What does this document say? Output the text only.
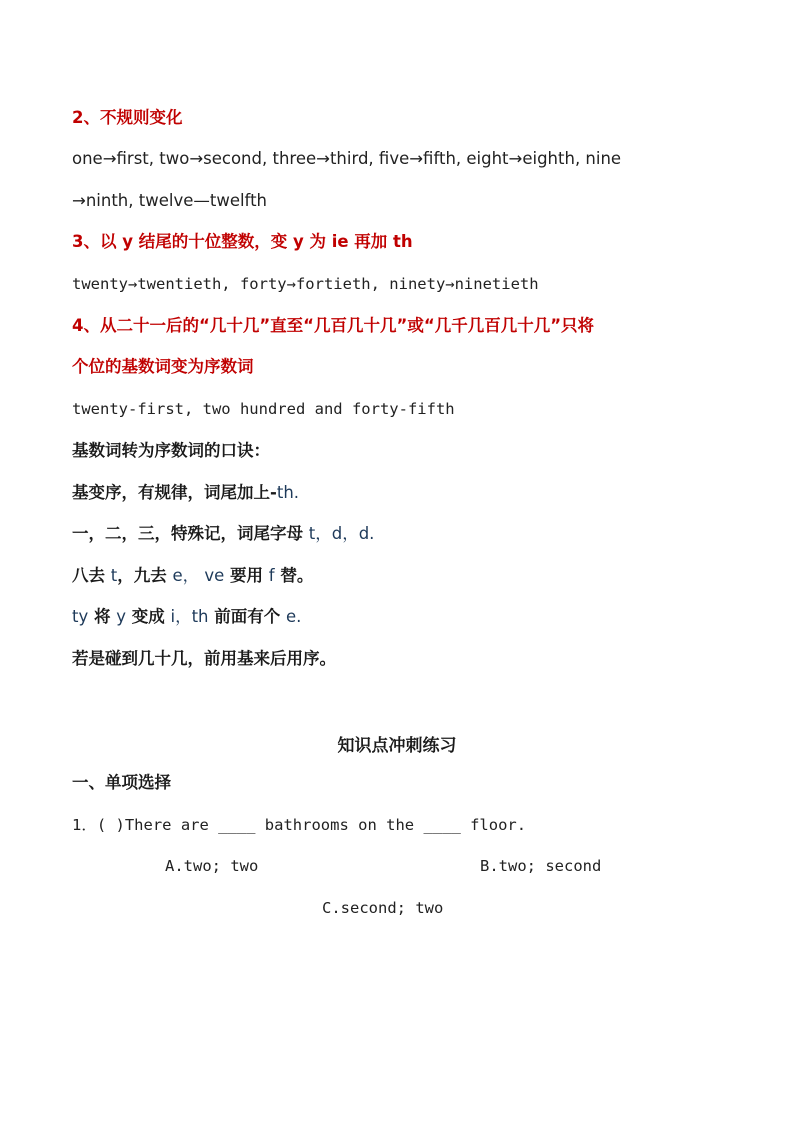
2、不规则变化
one→first, two→second, three→third, five→fifth, eight→eighth, nine
→ninth, twelve—twelfth
3、以 y 结尾的十位整数，变 y 为 ie 再加 th
twenty→twentieth, forty→fortieth, ninety→ninetieth
4、从二十一后的“几十几”直至“几百几十几”或“几千几百几十几”只将
个位的基数词变为序数词
twenty-first, two hundred and forty-fifth
基数词转为序数词的口诀：
基变序，有规律，词尾加上-th.
一，二，三，特殊记，词尾字母 t，d，d.
八去 t，九去 e， ve 要用 f 替。
ty 将 y 变成 i，th 前面有个 e.
若是碰到几十几，前用基来后用序。
知识点冲刺练习
一、单项选择
1．( )There are ____ bathrooms on the ____ floor.
A.two; two	B.two; second
C.second; two
